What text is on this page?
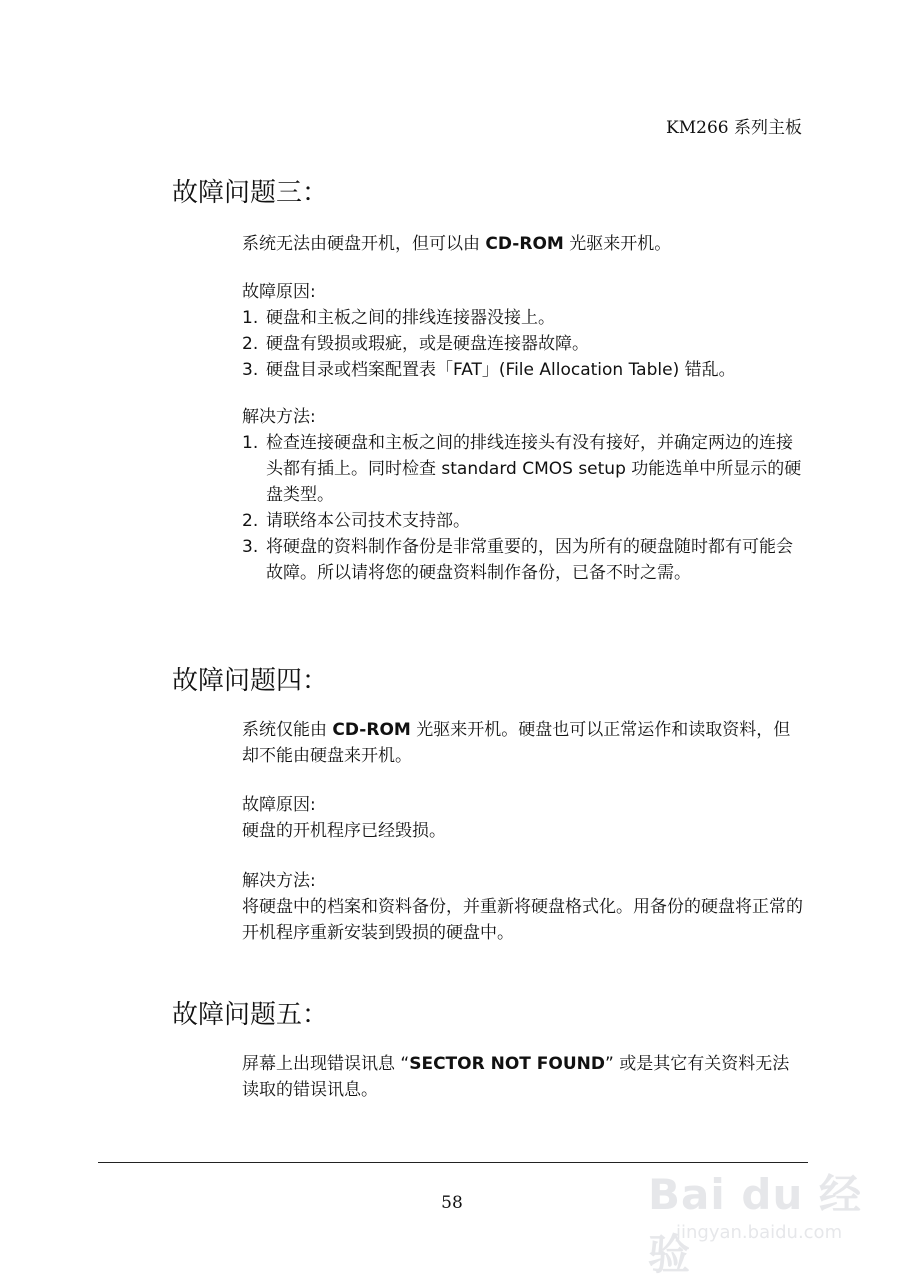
KM266 系列主板
故障问题三：

系统无法由硬盘开机，但可以由 CD-ROM 光驱来开机。

故障原因:

1. 硬盘和主板之间的排线连接器没接上。
2. 硬盘有毁损或瑕疵，或是硬盘连接器故障。
3. 硬盘目录或档案配置表「FAT」(File Allocation Table) 错乱。

解决方法:

1. 检查连接硬盘和主板之间的排线连接头有没有接好，并确定两边的连接头都有插上。同时检查 standard CMOS setup 功能选单中所显示的硬盘类型。
2. 请联络本公司技术支持部。
3. 将硬盘的资料制作备份是非常重要的，因为所有的硬盘随时都有可能会故障。所以请将您的硬盘资料制作备份，已备不时之需。
故障问题四：

系统仅能由 CD-ROM 光驱来开机。硬盘也可以正常运作和读取资料，但却不能由硬盘来开机。

故障原因:

硬盘的开机程序已经毁损。

解决方法:

将硬盘中的档案和资料备份，并重新将硬盘格式化。用备份的硬盘将正常的开机程序重新安装到毁损的硬盘中。

故障问题五：

屏幕上出现错误讯息 “SECTOR NOT FOUND” 或是其它有关资料无法读取的错误讯息。

58	Bai du 经验
jingyan.baidu.com
